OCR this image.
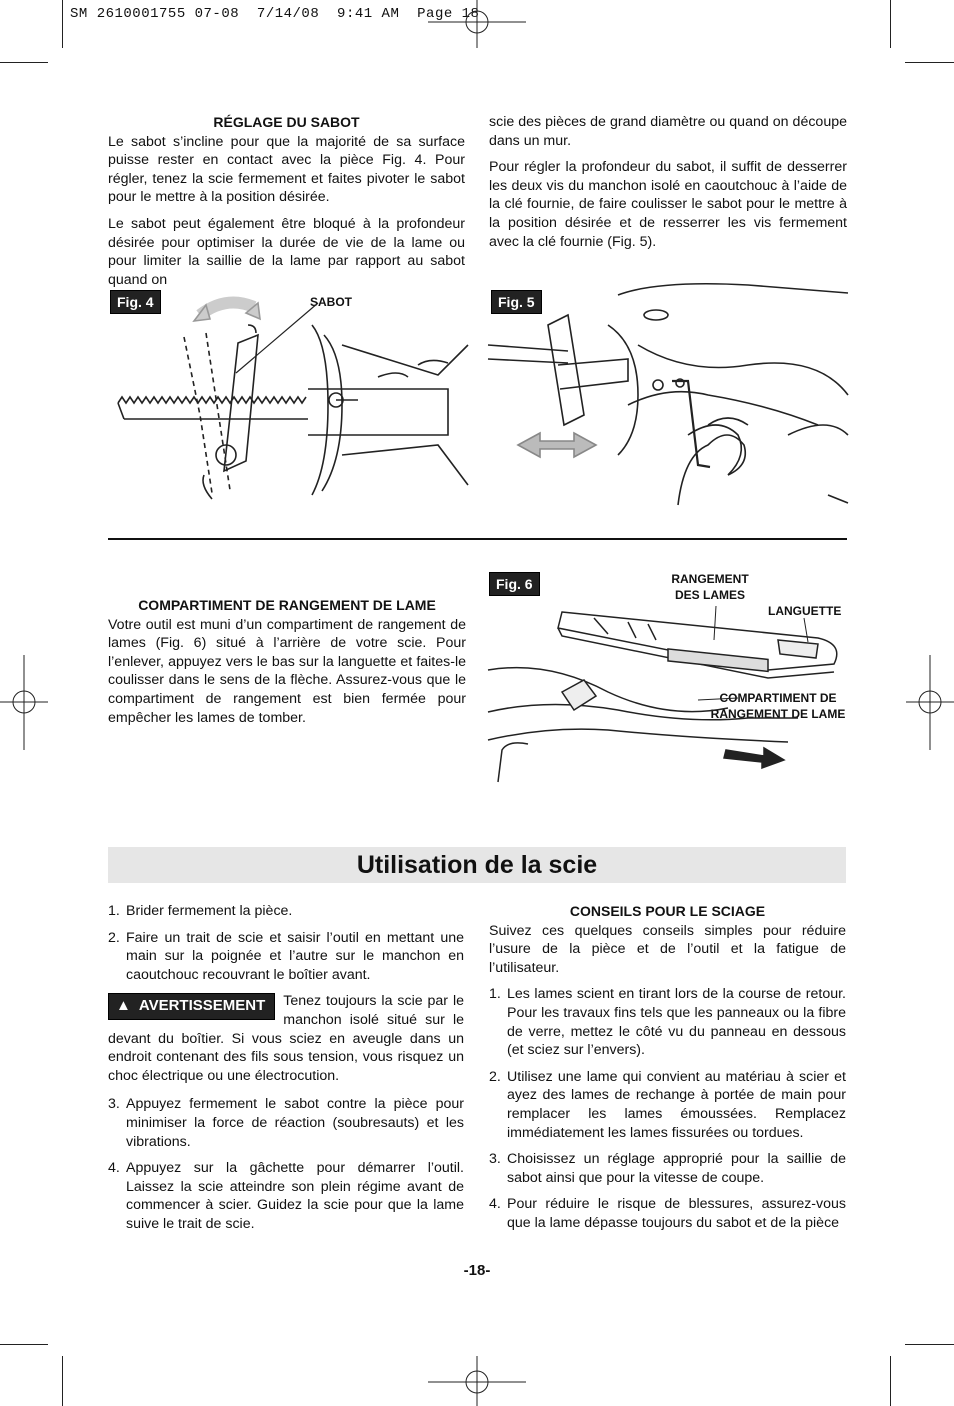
SM 2610001755 07-08  7/14/08  9:41 AM  Page 18
RÉGLAGE DU SABOT

Le sabot s’incline pour que la majorité de sa surface puisse rester en contact avec la pièce Fig. 4. Pour régler, tenez la scie fermement et faites pivoter le sabot pour le mettre à la position désirée.

Le sabot peut également être bloqué à la profondeur désirée pour optimiser la durée de vie de la lame ou pour limiter la saillie de la lame par rapport au sabot quand on

scie des pièces de grand diamètre ou quand on découpe dans un mur.

Pour régler la profondeur du sabot, il suffit de desserrer les deux vis du manchon isolé en caoutchouc à l’aide de la clé fournie, de faire coulisser le sabot pour le mettre à la position désirée et de resserrer les vis fermement avec la clé fournie (Fig. 5).

Fig. 4	SABOT	Fig. 5
COMPARTIMENT DE RANGEMENT DE LAME

Votre outil est muni d’un compartiment de rangement de lames (Fig. 6) situé à l’arrière de votre scie. Pour l’enlever, appuyez vers le bas sur la languette et faites-le coulisser dans le sens de la flèche. Assurez-vous que le compartiment de rangement est bien fermée pour empêcher les lames de tomber.

Fig. 6	RANGEMENT
DES LAMES
LANGUETTE
COMPARTIMENT DE
RANGEMENT DE LAME
Utilisation de la scie
1. Brider fermement la pièce.
2. Faire un trait de scie et saisir l’outil en mettant une main sur la poignée et l’autre sur le manchon en caoutchouc recouvrant le boîtier avant.
▲ AVERTISSEMENT Tenez toujours la scie par le manchon isolé situé sur le devant du boîtier. Si vous sciez en aveugle dans un endroit contenant des fils sous tension, vous risquez un choc électrique ou une électrocution.
3. Appuyez fermement le sabot contre la pièce pour minimiser la force de réaction (soubresauts) et les vibrations.
4. Appuyez sur la gâchette pour démarrer l’outil. Laissez la scie atteindre son plein régime avant de commencer à scier. Guidez la scie pour que la lame suive le trait de scie.
CONSEILS POUR LE SCIAGE

Suivez ces quelques conseils simples pour réduire l’usure de la pièce et de l’outil et la fatigue de l’utilisateur.

1. Les lames scient en tirant lors de la course de retour. Pour les travaux fins tels que les panneaux ou la fibre de verre, mettez le côté vu du panneau en dessous (et sciez sur l’envers).
2. Utilisez une lame qui convient au matériau à scier et ayez des lames de rechange à portée de main pour remplacer les lames émoussées. Remplacez immédiatement les lames fissurées ou tordues.
3. Choisissez un réglage approprié pour la saillie de sabot ainsi que pour la vitesse de coupe.
4. Pour réduire le risque de blessures, assurez-vous que la lame dépasse toujours du sabot et de la pièce
-18-
